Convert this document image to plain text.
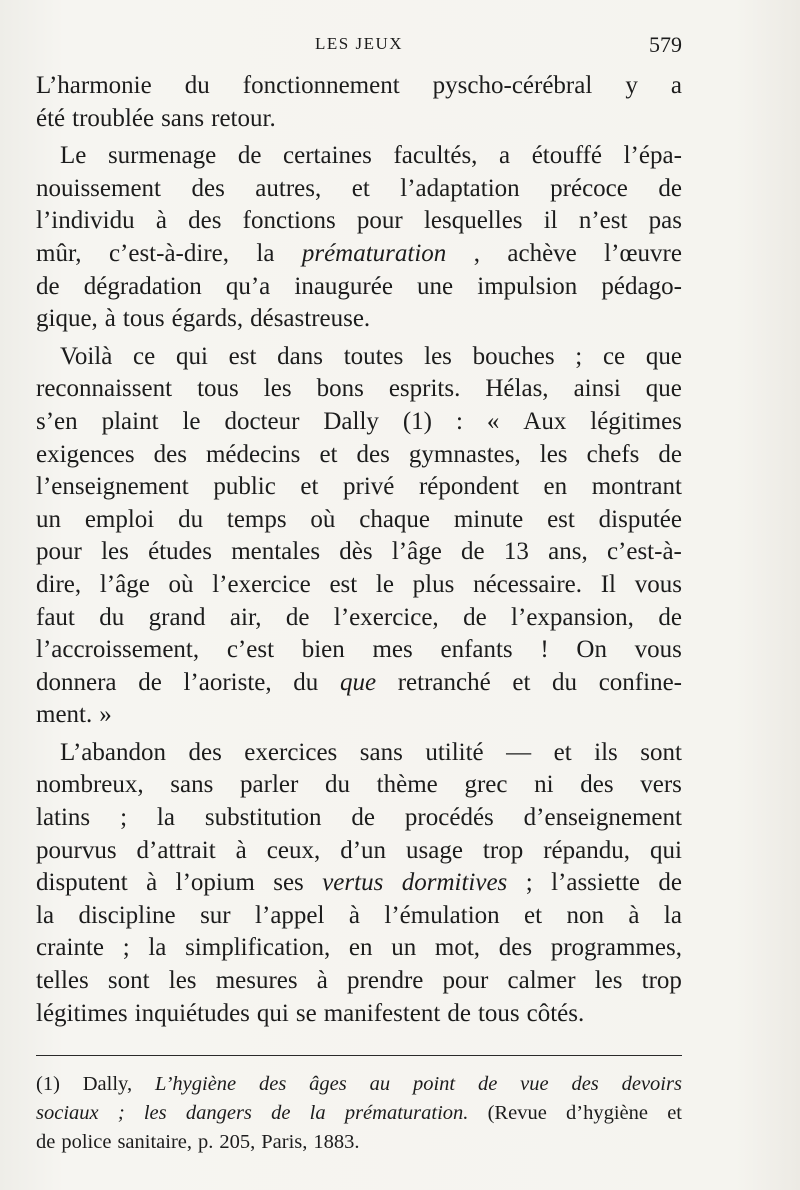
LES JEUX	579
L’harmonie du fonctionnement pyscho-cérébral y a
été troublée sans retour.
Le surmenage de certaines facultés, a étouffé l’épa-
nouissement des autres, et l’adaptation précoce de
l’individu à des fonctions pour lesquelles il n’est pas
mûr, c’est-à-dire, la prématuration , achève l’œuvre
de dégradation qu’a inaugurée une impulsion pédago-
gique, à tous égards, désastreuse.
Voilà ce qui est dans toutes les bouches ; ce que
reconnaissent tous les bons esprits. Hélas, ainsi que
s’en plaint le docteur Dally (1) : « Aux légitimes
exigences des médecins et des gymnastes, les chefs de
l’enseignement public et privé répondent en montrant
un emploi du temps où chaque minute est disputée
pour les études mentales dès l’âge de 13 ans, c’est-à-
dire, l’âge où l’exercice est le plus nécessaire. Il vous
faut du grand air, de l’exercice, de l’expansion, de
l’accroissement, c’est bien mes enfants ! On vous
donnera de l’aoriste, du que retranché et du confine-
ment. »
L’abandon des exercices sans utilité — et ils sont
nombreux, sans parler du thème grec ni des vers
latins ; la substitution de procédés d’enseignement
pourvus d’attrait à ceux, d’un usage trop répandu, qui
disputent à l’opium ses vertus dormitives ; l’assiette de
la discipline sur l’appel à l’émulation et non à la
crainte ; la simplification, en un mot, des programmes,
telles sont les mesures à prendre pour calmer les trop
légitimes inquiétudes qui se manifestent de tous côtés.
(1) Dally, L’hygiène des âges au point de vue des devoirs
sociaux ; les dangers de la prématuration. (Revue d’hygiène et
de police sanitaire, p. 205, Paris, 1883.
